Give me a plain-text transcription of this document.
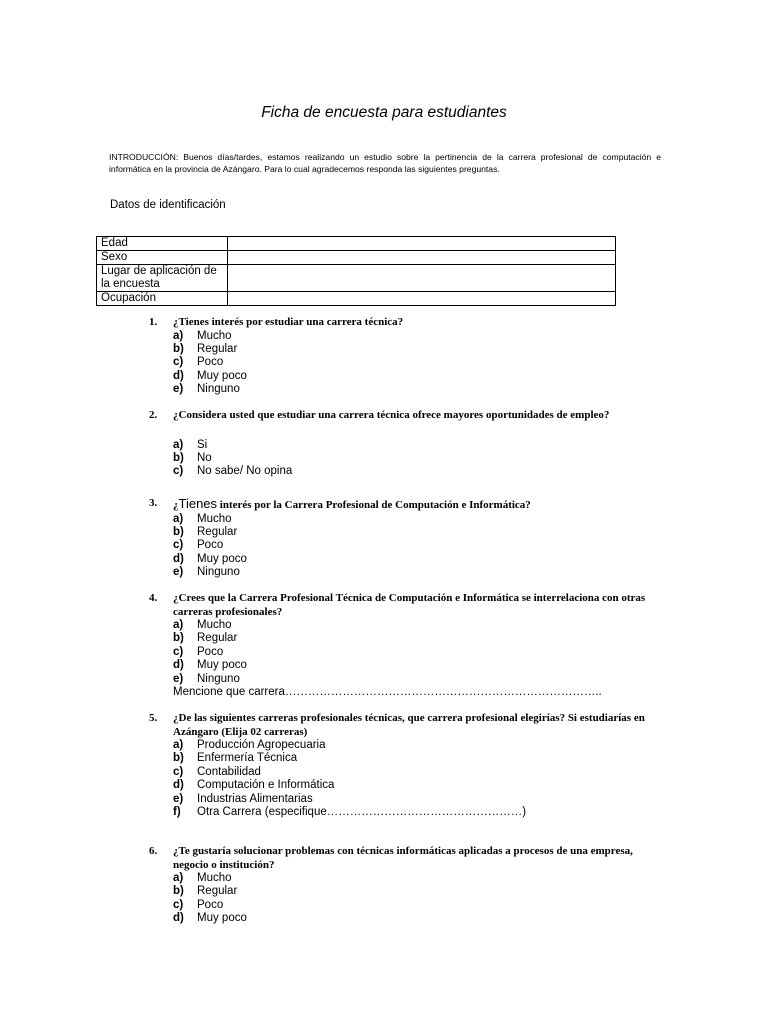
Ficha de encuesta para estudiantes
INTRODUCCIÓN: Buenos días/tardes, estamos realizando un estudio sobre la pertinencia de la carrera profesional de computación e informática en la provincia de Azángaro. Para lo cual agradecemos responda las siguientes preguntas.
Datos de identificación
Edad	
Sexo	
Lugar de aplicación de la encuesta	
Ocupación	
1.	¿Tienes interés por estudiar una carrera técnica?
a)	Mucho
b)	Regular
c)	Poco
d)	Muy poco
e)	Ninguno
2.	¿Considera usted que estudiar una carrera técnica ofrece mayores oportunidades de empleo?
a)	Si
b)	No
c)	No sabe/ No opina
3.	¿Tienes interés por la Carrera Profesional de Computación e Informática?
a)	Mucho
b)	Regular
c)	Poco
d)	Muy poco
e)	Ninguno
4.	¿Crees que la Carrera Profesional Técnica de Computación e Informática se interrelaciona con otras carreras profesionales?
a)	Mucho
b)	Regular
c)	Poco
d)	Muy poco
e)	Ninguno
Mencione que carrera………………………………………………………………………..
5.	¿De las siguientes carreras profesionales técnicas, que carrera profesional elegirías? Si estudiarías en Azángaro (Elija 02 carreras)
a)	Producción Agropecuaria
b)	Enfermería Técnica
c)	Contabilidad
d)	Computación e Informática
e)	Industrias Alimentarias
f)	Otra Carrera (especifique……………………………………………)
6.	¿Te gustaría solucionar problemas con técnicas informáticas aplicadas a procesos de una empresa, negocio o institución?
a)	Mucho
b)	Regular
c)	Poco
d)	Muy poco
